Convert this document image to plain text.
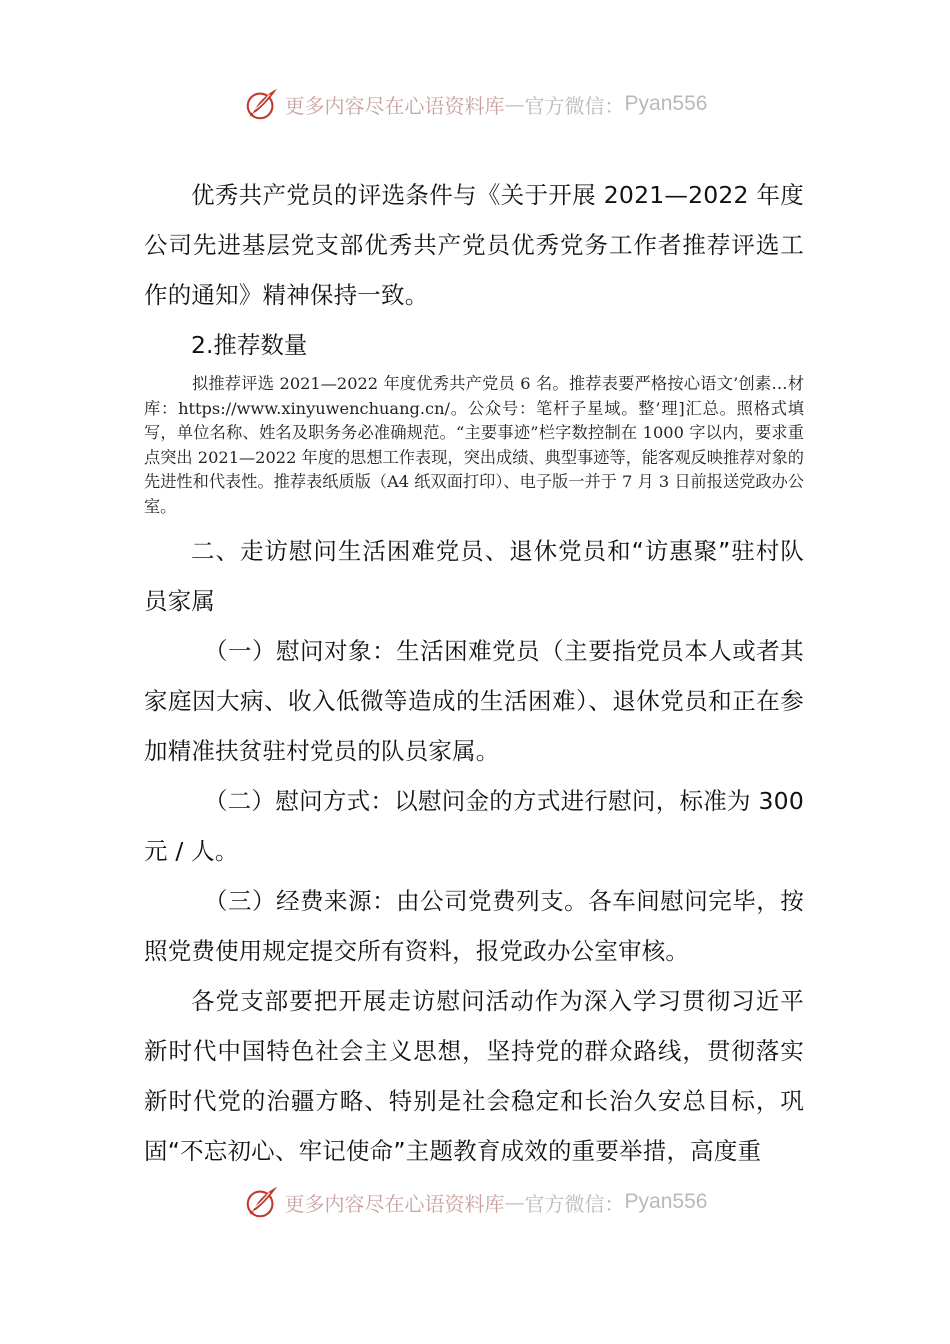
更多内容尽在心语资料库 — 官方微信： Pyan556

优秀共产党员的评选条件与《关于开展 2021—2022 年度公司先进基层党支部优秀共产党员优秀党务工作者推荐评选工作的通知》精神保持一致。

2.推荐数量

拟推荐评选 2021—2022 年度优秀共产党员 6 名。推荐表要严格按心语文’创素…材库：https://www.xinyuwenchuang.cn/。公众号：笔杆子星域。整’理]汇总。照格式填写，单位名称、姓名及职务务必准确规范。“主要事迹”栏字数控制在 1000 字以内，要求重点突出 2021—2022 年度的思想工作表现，突出成绩、典型事迹等，能客观反映推荐对象的先进性和代表性。推荐表纸质版（A4 纸双面打印）、电子版一并于 7 月 3 日前报送党政办公室。

二、走访慰问生活困难党员、退休党员和“访惠聚”驻村队员家属

（一）慰问对象：生活困难党员（主要指党员本人或者其家庭因大病、收入低微等造成的生活困难）、退休党员和正在参加精准扶贫驻村党员的队员家属。

（二）慰问方式：以慰问金的方式进行慰问，标准为 300 元 / 人。

（三）经费来源：由公司党费列支。各车间慰问完毕，按照党费使用规定提交所有资料，报党政办公室审核。

各党支部要把开展走访慰问活动作为深入学习贯彻习近平新时代中国特色社会主义思想，坚持党的群众路线，贯彻落实新时代党的治疆方略、特别是社会稳定和长治久安总目标，巩固“不忘初心、牢记使命”主题教育成效的重要举措，高度重

更多内容尽在心语资料库 — 官方微信： Pyan556
